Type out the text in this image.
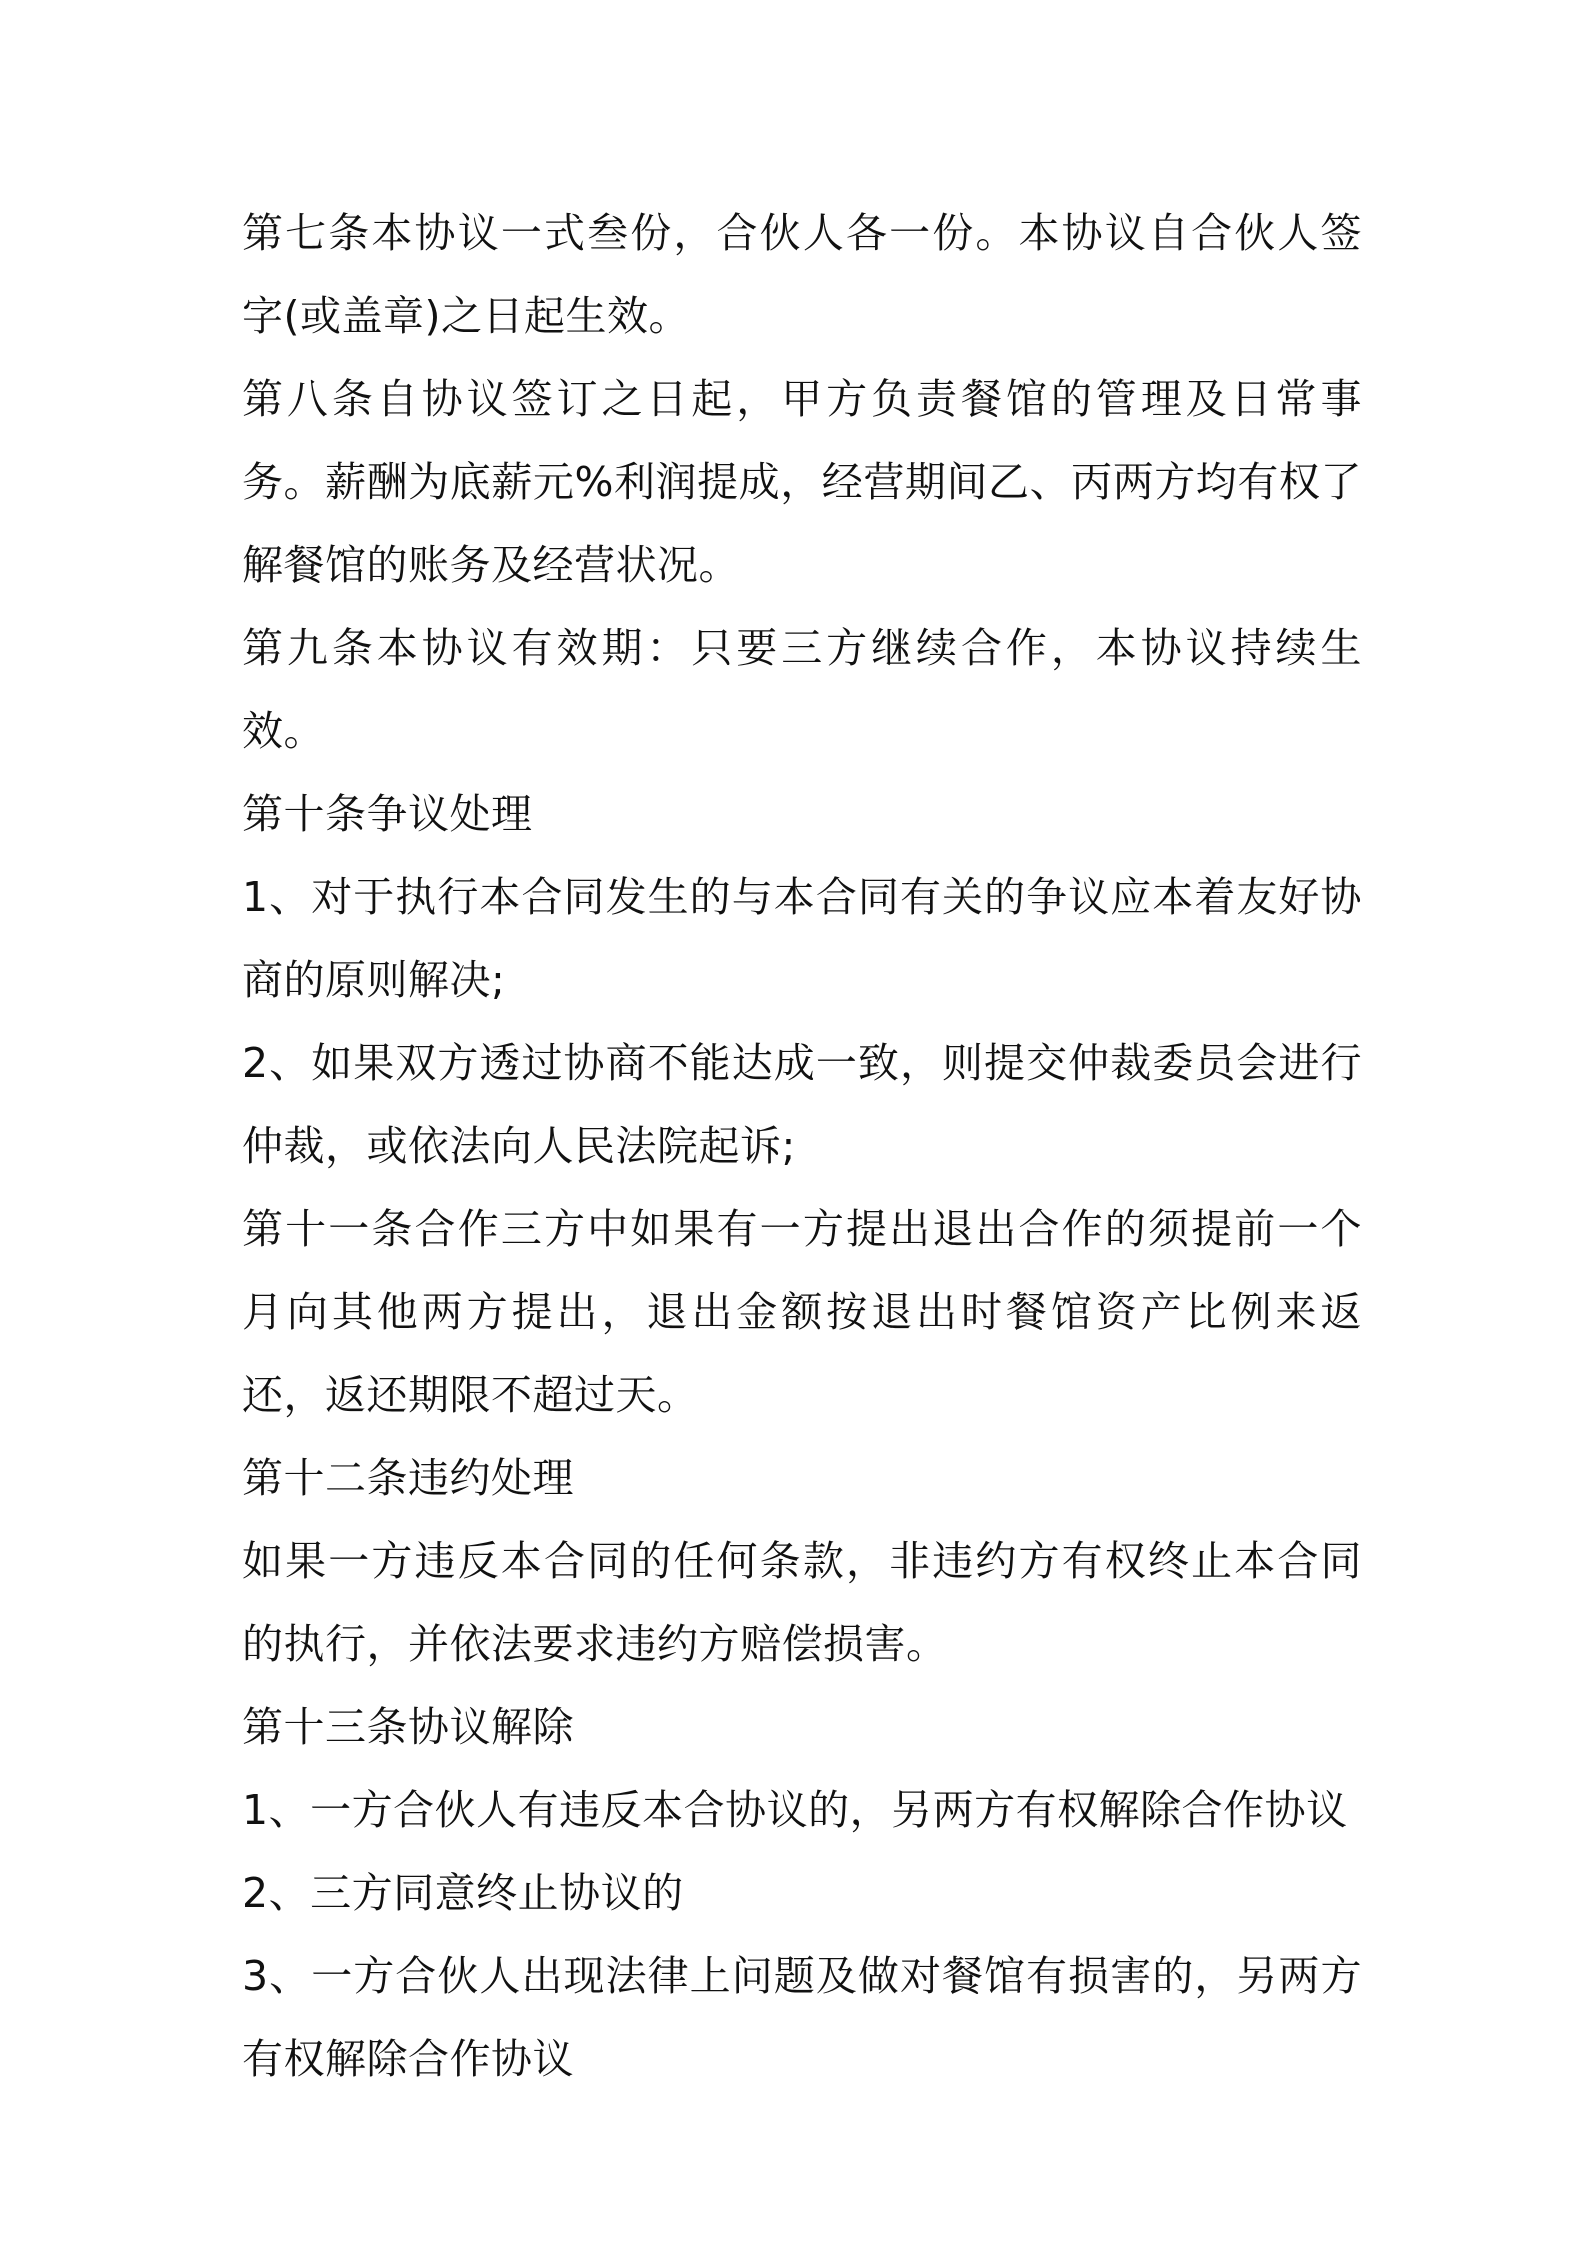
第七条本协议一式叁份，合伙人各一份。本协议自合伙人签字(或盖章)之日起生效。

第八条自协议签订之日起，甲方负责餐馆的管理及日常事务。薪酬为底薪元%利润提成，经营期间乙、丙两方均有权了解餐馆的账务及经营状况。

第九条本协议有效期：只要三方继续合作，本协议持续生效。

第十条争议处理

1、对于执行本合同发生的与本合同有关的争议应本着友好协商的原则解决;

2、如果双方透过协商不能达成一致，则提交仲裁委员会进行仲裁，或依法向人民法院起诉;

第十一条合作三方中如果有一方提出退出合作的须提前一个月向其他两方提出，退出金额按退出时餐馆资产比例来返还，返还期限不超过天。

第十二条违约处理

如果一方违反本合同的任何条款，非违约方有权终止本合同的执行，并依法要求违约方赔偿损害。

第十三条协议解除

1、一方合伙人有违反本合协议的，另两方有权解除合作协议

2、三方同意终止协议的

3、一方合伙人出现法律上问题及做对餐馆有损害的，另两方有权解除合作协议
